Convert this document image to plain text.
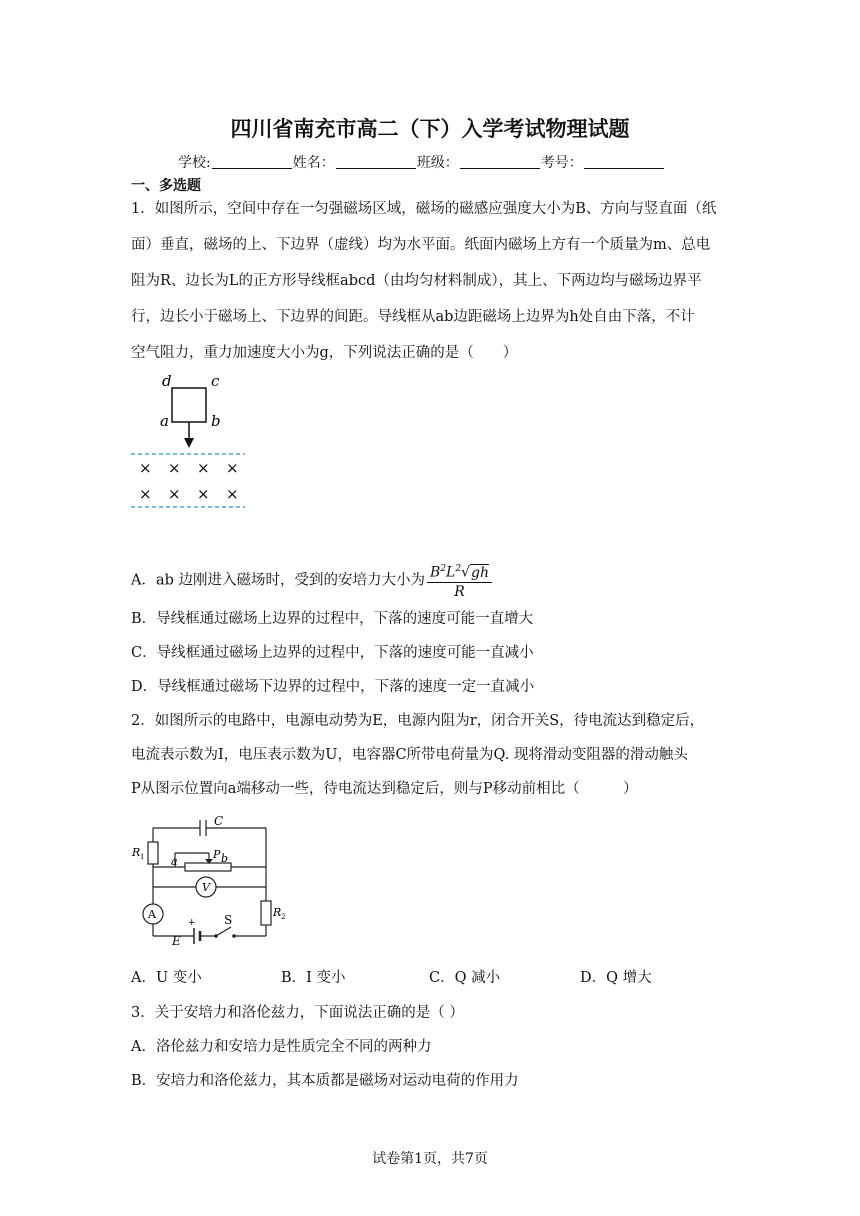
四川省南充市高二（下）入学考试物理试题
学校:	姓名：	班级：	考号：
一、多选题
1．如图所示，空间中存在一匀强磁场区域，磁场的磁感应强度大小为B、方向与竖直面（纸
面）垂直，磁场的上、下边界（虚线）均为水平面。纸面内磁场上方有一个质量为m、总电
阻为R、边长为L的正方形导线框abcd（由均匀材料制成），其上、下两边均与磁场边界平
行，边长小于磁场上、下边界的间距。导线框从ab边距磁场上边界为h处自由下落，不计
空气阻力，重力加速度大小为g，下列说法正确的是（　　）
d	c
a	b
× × × ×
× × × ×
A．ab 边刚进入磁场时，受到的安培力大小为 $\frac{B^2L^2√gh}{R}$
B．导线框通过磁场上边界的过程中，下落的速度可能一直增大
C．导线框通过磁场上边界的过程中，下落的速度可能一直减小
D．导线框通过磁场下边界的过程中，下落的速度一定一直减小
2．如图所示的电路中，电源电动势为E，电源内阻为r，闭合开关S，待电流达到稳定后，
电流表示数为I，电压表示数为U，电容器C所带电荷量为Q. 现将滑动变阻器的滑动触头
P从图示位置向a端移动一些，待电流达到稳定后，则与P移动前相比（　　　）
C
R 1 a
P b
V
A	S
R 2
E
+
A．U 变小	B．I 变小	C．Q 减小	D．Q 增大
3．关于安培力和洛伦兹力，下面说法正确的是（ ）
A．洛伦兹力和安培力是性质完全不同的两种力
B．安培力和洛伦兹力，其本质都是磁场对运动电荷的作用力
试卷第1页，共7页
